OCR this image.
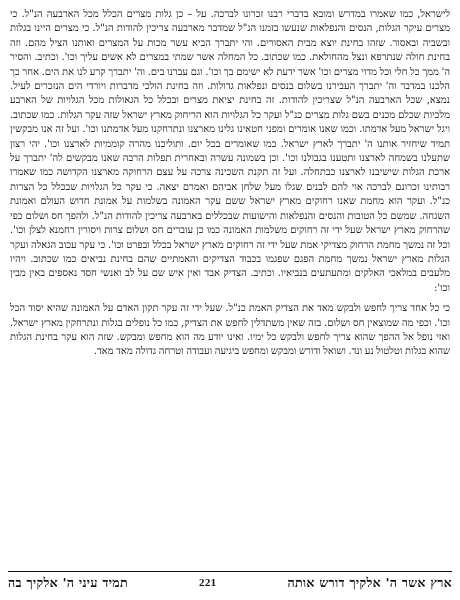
לישראל, כמו שאמרו במדרש ומובא בדברי רבנו זכרונו לברכה. על – כן גלות מצרים הכלל מכל הארבעה הנ"ל. כי מצרים עיקר הגלות, הנסים והנפלאות שנעשו בזמנו הנ"ל שמדבר מארבעה צריכין להודות הנ"ל. כי מצרים היינו בגלות ובשביה ובאסור. שזהו בחינת יוצא מבית האסורים. והי יתברך הביא עשר מכות על המצרים ואותנו הציל מהם. וזה בחינת חולה שנתרפא ונצל מהחולאת. כמו שכתוב. כל המחלה אשר שמתי במצרים לא אשים עליך וכו'. וכתיב. והסיר ה' ממך כל חלי וכל מדוי מצרים וכו' אשר ידעת לא ישימם בך וכו'. וגם עברנו בים. וה' יתברך קרע לנו את הים. אחר כך הלכנו במדבר וה' יתברך העבירנו בשלום בנסים ונפלאות גדולות. וזה בחינת הולכי מדברות ויורדי הים הנזכרים לעיל. נמצא, שכל הארבעה הנ"ל שצריכין להודות. זה בחינת יציאת מצרים ובכלל כל הגאולות מכל הגלויות של הארבע מלכיות שכלם מכנים בשם גלות מצרים כנ"ל ועקר כל הגלויות הוא הריחוק מארץ ישראל שזה עקר הגלות. כמו שכתוב. ויגל ישראל מעל אדמתו. וכמו שאנו אומרים ומפני חטאינו גלינו מארצנו ונתרחקנו מעל אדמתנו וכו'. ועל זה אנו מבקשין תמיד שיחזיר אותנו ה' יתברך לארץ ישראל. כמו שאומרים בכל יום. ותוליכנו מהרה קוממיות לארצנו וכו'. יהי רצון שתעלנו בשמחה לארצנו ותטענו בגבולנו וכו'. וכן בשמונה עשרה ובאחרית תפלות הרבה שאנו מבקשים לה' יתברך על ארכת הגלות שישיבנו לארצנו כבתחלה. ועל זה תקנת השכינה צרכה על עצם הרחוקה מארצנו הקדושה כמו שאמרו רבותינו זכרונם לברכה אוי להם לבנים שגלו מעל שלחן אביהם ואמרם יצאה. כי עקר כל הגלויות שבכלל כל הצרות כנ"ל. ועקר הוא מחמת שאנו רחוקים מארץ ישראל ששם עקר האמונה בשלמות על אמונת חדוש העולם ואמונת השגחה. שמשם כל הטובות והנסים והנפלאות והישועות שבכללים בארבעה צריכין להודות הנ"ל. ולהפך חס ושלום כפי שהרחוק מארץ ישראל שעל ידי זה רחוקים משלמות האמונה כמו כן עוברים חס ושלום צרות ויסורין רחמנא לצלן וכו'. וכל זה נמשך מחמת הרחוק מצדיקי אמת שעל ידי זה רחוקים מארץ ישראל בכלל ובפרט וכו'. כי עקר עכוב הגאלה ועקר הגלות מארץ ישראל נמשך מחמת הפגם שפגמו בכבוד הצדיקים והאמתיים שהם בחינת נביאים כמו שכתוב. ויהיו מלעבים במלאכי האלקים ומתעתעים בנביאיו. וכתיב. הצדיק אבד ואין איש שם על לב ואנשי חסד נאספים באין מבין וכו':

כי כל אחד צריך לחפש ולבקש מאד את הצדיק האמת כנ"ל. שעל ידי זה עקר תקון האדם על האמונה שהיא יסוד הכל וכו'. וכפי מה שמוצאין חס ושלום. בזה שאין משתדלין לחפש את הצדיק, כמו כל נופלים בגלות ונתרחקין מארץ ישראל. ואזי נופל אל ההפך שהוא צריך לחפש ולבקש כל ימיו. ואינו יודע מה הוא מחפש ומבקש. שזה הוא עקר בחינת הגלות שהוא בגלות וטלטול נע ונד. ושואל ודורש ומבקש ומחפש ביגיעה ועבודה וטרחה גדולה מאד מאד.

ארץ אשר ה' אלקיך דורש אותה
221
תמיד עיני ה' אלקיך בה
